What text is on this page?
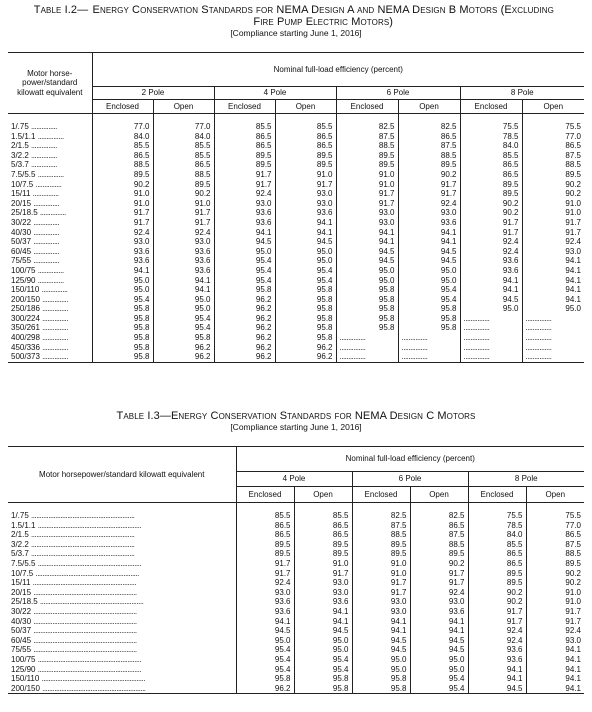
Table I.2— Energy Conservation Standards for NEMA Design A and NEMA Design B Motors (Excluding Fire Pump Electric Motors)
[Compliance starting June 1, 2016]
Motor horse-power/standard kilowatt equivalent	Nominal full-load efficiency (percent)							
	2 Pole		4 Pole		6 Pole		8 Pole	
	Enclosed	Open	Enclosed	Open	Enclosed	Open	Enclosed	Open

1/.75 ...............	77.0	77.0	85.5	85.5	82.5	82.5	75.5	75.5
1.5/1.1 ...............	84.0	84.0	86.5	86.5	87.5	86.5	78.5	77.0
2/1.5 ...............	85.5	85.5	86.5	86.5	88.5	87.5	84.0	86.5
3/2.2 ...............	86.5	85.5	89.5	89.5	89.5	88.5	85.5	87.5
5/3.7 ...............	88.5	86.5	89.5	89.5	89.5	89.5	86.5	88.5
7.5/5.5 ...............	89.5	88.5	91.7	91.0	91.0	90.2	86.5	89.5
10/7.5 ...............	90.2	89.5	91.7	91.7	91.0	91.7	89.5	90.2
15/11 ...............	91.0	90.2	92.4	93.0	91.7	91.7	89.5	90.2
20/15 ...............	91.0	91.0	93.0	93.0	91.7	92.4	90.2	91.0
25/18.5 ...............	91.7	91.7	93.6	93.6	93.0	93.0	90.2	91.0
30/22 ...............	91.7	91.7	93.6	94.1	93.0	93.6	91.7	91.7
40/30 ...............	92.4	92.4	94.1	94.1	94.1	94.1	91.7	91.7
50/37 ...............	93.0	93.0	94.5	94.5	94.1	94.1	92.4	92.4
60/45 ...............	93.6	93.6	95.0	95.0	94.5	94.5	92.4	93.0
75/55 ...............	93.6	93.6	95.4	95.0	94.5	94.5	93.6	94.1
100/75 ...............	94.1	93.6	95.4	95.4	95.0	95.0	93.6	94.1
125/90 ...............	95.0	94.1	95.4	95.4	95.0	95.0	94.1	94.1
150/110 ...............	95.0	94.1	95.8	95.8	95.8	95.4	94.1	94.1
200/150 ...............	95.4	95.0	96.2	95.8	95.8	95.4	94.5	94.1
250/186 ...............	95.8	95.0	96.2	95.8	95.8	95.8	95.0	95.0
300/224 ...............	95.8	95.4	96.2	95.8	95.8	95.8	...............	...............
350/261 ...............	95.8	95.4	96.2	95.8	95.8	95.8	...............	...............
400/298 ...............	95.8	95.8	96.2	95.8	...............	...............	...............	...............
450/336 ...............	95.8	96.2	96.2	96.2	...............	...............	...............	...............
500/373 ...............	95.8	96.2	96.2	96.2	...............	...............	...............	...............
Table I.3—Energy Conservation Standards for NEMA Design C Motors
[Compliance starting June 1, 2016]
Motor horsepower/standard kilowatt equivalent	Nominal full-load efficiency (percent)					
	4 Pole		6 Pole		8 Pole	
	Enclosed	Open	Enclosed	Open	Enclosed	Open

1/.75 ............................................................	85.5	85.5	82.5	82.5	75.5	75.5
1.5/1.1 ............................................................	86.5	86.5	87.5	86.5	78.5	77.0
2/1.5 ............................................................	86.5	86.5	88.5	87.5	84.0	86.5
3/2.2 ............................................................	89.5	89.5	89.5	88.5	85.5	87.5
5/3.7 ............................................................	89.5	89.5	89.5	89.5	86.5	88.5
7.5/5.5 ............................................................	91.7	91.0	91.0	90.2	86.5	89.5
10/7.5 ............................................................	91.7	91.7	91.0	91.7	89.5	90.2
15/11 ............................................................	92.4	93.0	91.7	91.7	89.5	90.2
20/15 ............................................................	93.0	93.0	91.7	92.4	90.2	91.0
25/18.5 ............................................................	93.6	93.6	93.0	93.0	90.2	91.0
30/22 ............................................................	93.6	94.1	93.0	93.6	91.7	91.7
40/30 ............................................................	94.1	94.1	94.1	94.1	91.7	91.7
50/37 ............................................................	94.5	94.5	94.1	94.1	92.4	92.4
60/45 ............................................................	95.0	95.0	94.5	94.5	92.4	93.0
75/55 ............................................................	95.4	95.0	94.5	94.5	93.6	94.1
100/75 ............................................................	95.4	95.4	95.0	95.0	93.6	94.1
125/90 ............................................................	95.4	95.4	95.0	95.0	94.1	94.1
150/110 ............................................................	95.8	95.8	95.8	95.4	94.1	94.1
200/150 ............................................................	96.2	95.8	95.8	95.4	94.5	94.1
